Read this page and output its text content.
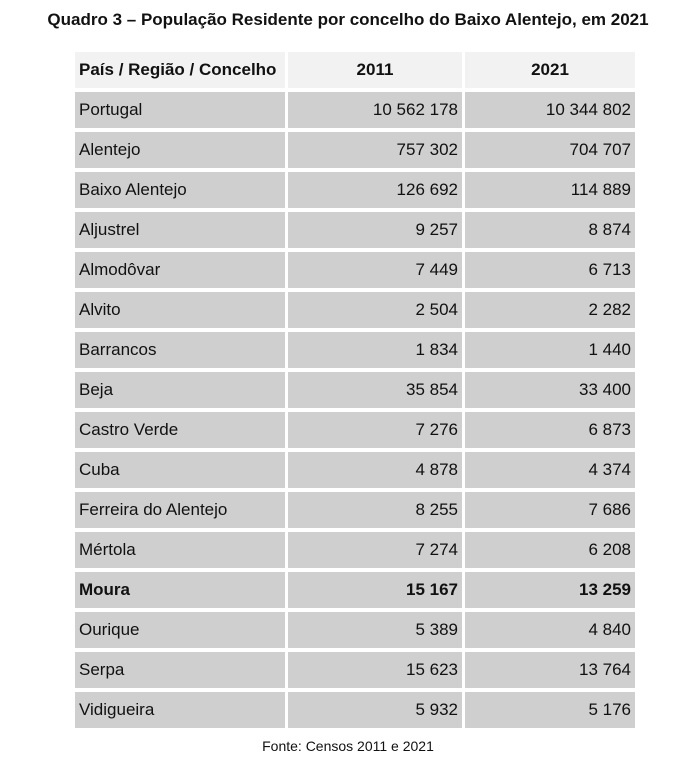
Quadro 3 – População Residente por concelho do Baixo Alentejo, em 2021
País / Região / Concelho	2011	2021
Portugal	10 562 178	10 344 802
Alentejo	757 302	704 707
Baixo Alentejo	126 692	114 889
Aljustrel	9 257	8 874
Almodôvar	7 449	6 713
Alvito	2 504	2 282
Barrancos	1 834	1 440
Beja	35 854	33 400
Castro Verde	7 276	6 873
Cuba	4 878	4 374
Ferreira do Alentejo	8 255	7 686
Mértola	7 274	6 208
Moura	15 167	13 259
Ourique	5 389	4 840
Serpa	15 623	13 764
Vidigueira	5 932	5 176
Fonte: Censos 2011 e 2021
